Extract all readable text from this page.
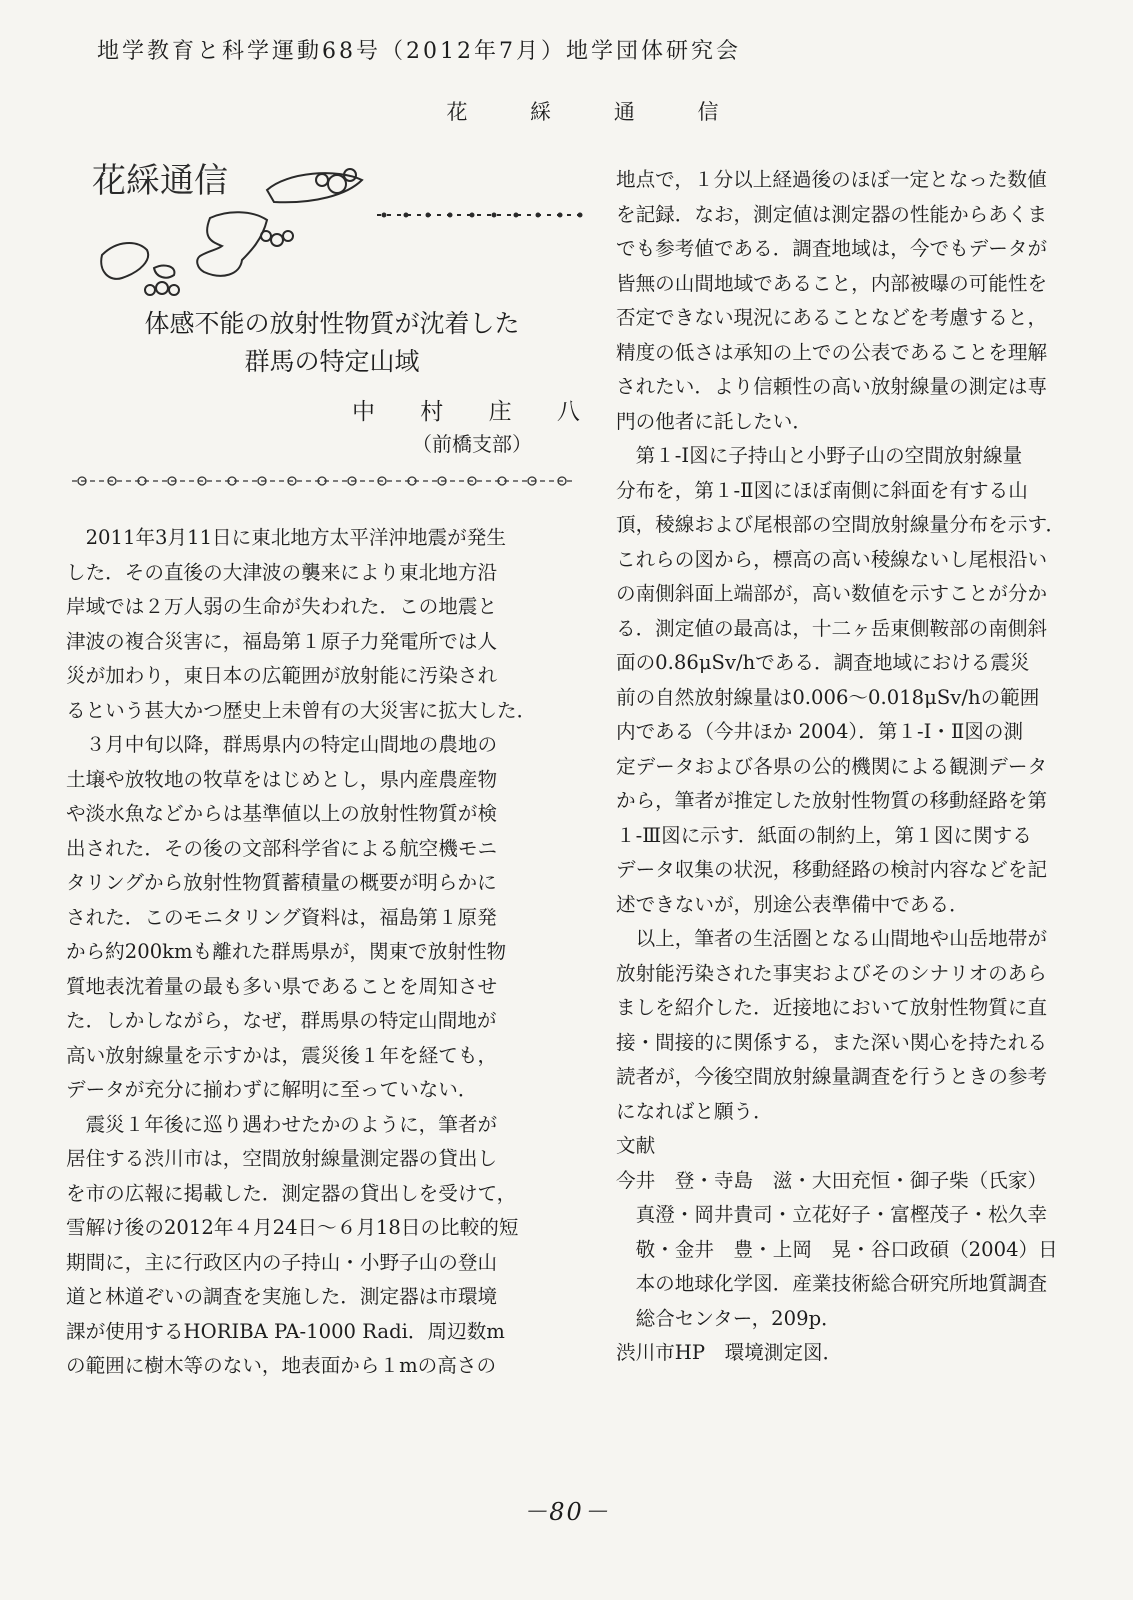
地学教育と科学運動68号（2012年7月）地学団体研究会
花 綵 通 信
花綵通信
体感不能の放射性物質が沈着した
群馬の特定山域
中 村 庄 八
（前橋支部）
　2011年3月11日に東北地方太平洋沖地震が発生
した．その直後の大津波の襲来により東北地方沿
岸域では２万人弱の生命が失われた．この地震と
津波の複合災害に，福島第１原子力発電所では人
災が加わり，東日本の広範囲が放射能に汚染され
るという甚大かつ歴史上未曾有の大災害に拡大した．
　３月中旬以降，群馬県内の特定山間地の農地の
土壌や放牧地の牧草をはじめとし，県内産農産物
や淡水魚などからは基準値以上の放射性物質が検
出された．その後の文部科学省による航空機モニ
タリングから放射性物質蓄積量の概要が明らかに
された．このモニタリング資料は，福島第１原発
から約200kmも離れた群馬県が，関東で放射性物
質地表沈着量の最も多い県であることを周知させ
た．しかしながら，なぜ，群馬県の特定山間地が
高い放射線量を示すかは，震災後１年を経ても，
データが充分に揃わずに解明に至っていない．
　震災１年後に巡り遇わせたかのように，筆者が
居住する渋川市は，空間放射線量測定器の貸出し
を市の広報に掲載した．測定器の貸出しを受けて，
雪解け後の2012年４月24日～６月18日の比較的短
期間に，主に行政区内の子持山・小野子山の登山
道と林道ぞいの調査を実施した．測定器は市環境
課が使用するHORIBA PA-1000 Radi．周辺数m
の範囲に樹木等のない，地表面から１mの高さの
地点で，１分以上経過後のほぼ一定となった数値
を記録．なお，測定値は測定器の性能からあくま
でも参考値である．調査地域は，今でもデータが
皆無の山間地域であること，内部被曝の可能性を
否定できない現況にあることなどを考慮すると，
精度の低さは承知の上での公表であることを理解
されたい．より信頼性の高い放射線量の測定は専
門の他者に託したい．
　第１-Ⅰ図に子持山と小野子山の空間放射線量
分布を，第１-Ⅱ図にほぼ南側に斜面を有する山
頂，稜線および尾根部の空間放射線量分布を示す．
これらの図から，標高の高い稜線ないし尾根沿い
の南側斜面上端部が，高い数値を示すことが分か
る．測定値の最高は，十二ヶ岳東側鞍部の南側斜
面の0.86μSv/hである．調査地域における震災
前の自然放射線量は0.006～0.018μSv/hの範囲
内である（今井ほか 2004）．第１-Ⅰ・Ⅱ図の測
定データおよび各県の公的機関による観測データ
から，筆者が推定した放射性物質の移動経路を第
１-Ⅲ図に示す．紙面の制約上，第１図に関する
データ収集の状況，移動経路の検討内容などを記
述できないが，別途公表準備中である．
　以上，筆者の生活圏となる山間地や山岳地帯が
放射能汚染された事実およびそのシナリオのあら
ましを紹介した．近接地において放射性物質に直
接・間接的に関係する，また深い関心を持たれる
読者が，今後空間放射線量調査を行うときの参考
になればと願う．
文献
今井　登・寺島　滋・大田充恒・御子柴（氏家）
　真澄・岡井貴司・立花好子・富樫茂子・松久幸
　敬・金井　豊・上岡　晃・谷口政碩（2004）日
　本の地球化学図．産業技術総合研究所地質調査
　総合センター，209p．
渋川市HP　環境測定図．
－80－
